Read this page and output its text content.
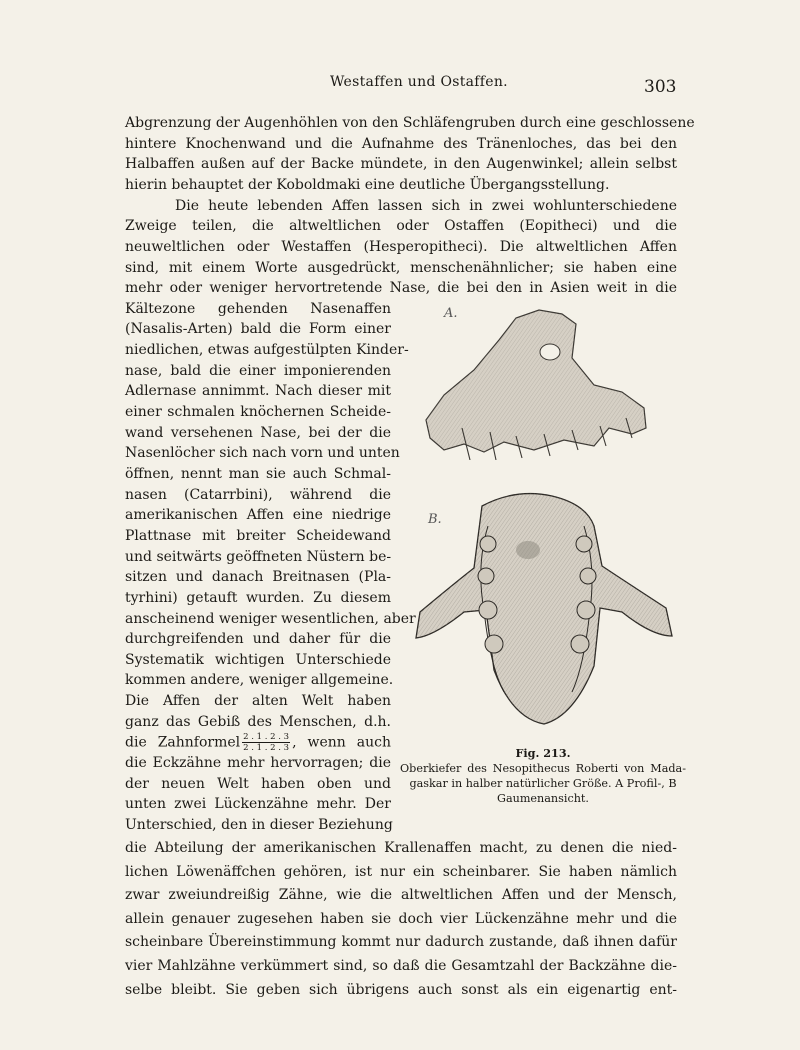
Westaffen und Ostaffen.	303
Abgrenzung der Augenhöhlen von den Schläfengruben durch eine geschlossene
hintere Knochenwand und die Aufnahme des Tränenloches, das bei den
Halbaffen außen auf der Backe mündete, in den Augenwinkel; allein selbst
hierin behauptet der Koboldmaki eine deutliche Übergangsstellung.
Die heute lebenden Affen lassen sich in zwei wohlunterschiedene
Zweige teilen, die altweltlichen oder Ostaffen (Eopitheci) und die
neuweltlichen oder Westaffen (Hesperopitheci). Die altweltlichen Affen
sind, mit einem Worte ausgedrückt, menschenähnlicher; sie haben eine
mehr oder weniger hervortretende Nase, die bei den in Asien weit in die
Kältezone gehenden Nasenaffen
(Nasalis-Arten) bald die Form einer
niedlichen, etwas aufgestülpten Kinder-
nase, bald die einer imponierenden
Adlernase annimmt. Nach dieser mit
einer schmalen knöchernen Scheide-
wand versehenen Nase, bei der die
Nasenlöcher sich nach vorn und unten
öffnen, nennt man sie auch Schmal-
nasen (Catarrbini), während die
amerikanischen Affen eine niedrige
Plattnase mit breiter Scheidewand
und seitwärts geöffneten Nüstern be-
sitzen und danach Breitnasen (Pla-
tyrhini) getauft wurden. Zu diesem
anscheinend weniger wesentlichen, aber
durchgreifenden und daher für die
Systematik wichtigen Unterschiede
kommen andere, weniger allgemeine.
Die Affen der alten Welt haben
ganz das Gebiß des Menschen, d.h.
die Zahnformel $\frac{2 . 1 . 2 . 3}{2 . 1 . 2 . 3}$ , wenn auch
die Eckzähne mehr hervorragen; die
der neuen Welt haben oben und
unten zwei Lückenzähne mehr. Der
Unterschied, den in dieser Beziehung
A.
B.
Fig. 213.
Oberkiefer des Nesopithecus Roberti von Mada-
gaskar in halber natürlicher Größe. A Profil-, B Gaumenansicht.
die Abteilung der amerikanischen Krallenaffen macht, zu denen die nied-
lichen Löwenäffchen gehören, ist nur ein scheinbarer. Sie haben nämlich
zwar zweiundreißig Zähne, wie die altweltlichen Affen und der Mensch,
allein genauer zugesehen haben sie doch vier Lückenzähne mehr und die
scheinbare Übereinstimmung kommt nur dadurch zustande, daß ihnen dafür
vier Mahlzähne verkümmert sind, so daß die Gesamtzahl der Backzähne die-
selbe bleibt. Sie geben sich übrigens auch sonst als ein eigenartig ent-
